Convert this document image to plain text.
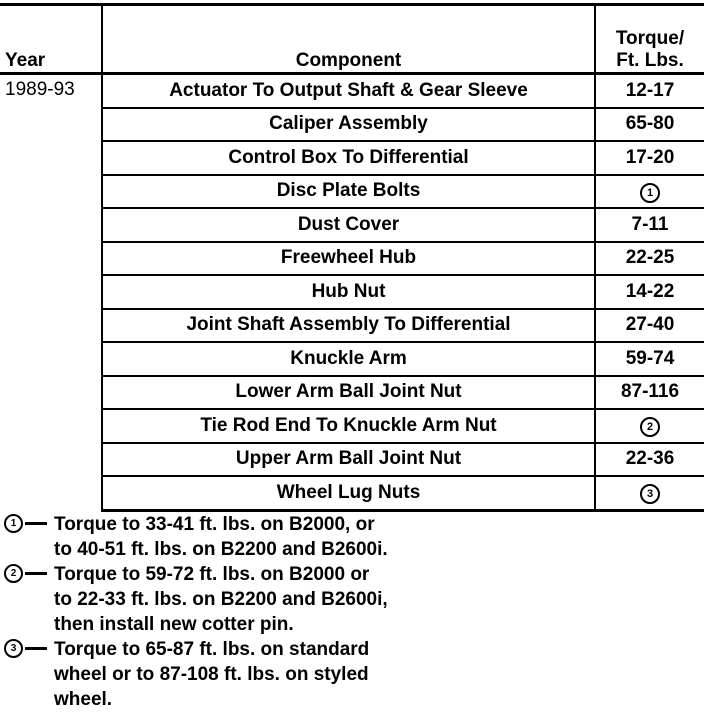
Year	Component	Torque/
Ft. Lbs.

1989-93	Actuator To Output Shaft & Gear Sleeve	12-17
	Caliper Assembly	65-80
	Control Box To Differential	17-20
	Disc Plate Bolts	1
	Dust Cover	7-11
	Freewheel Hub	22-25
	Hub Nut	14-22
	Joint Shaft Assembly To Differential	27-40
	Knuckle Arm	59-74
	Lower Arm Ball Joint Nut	87-116
	Tie Rod End To Knuckle Arm Nut	2
	Upper Arm Ball Joint Nut	22-36
	Wheel Lug Nuts	3
1	Torque to 33-41 ft. lbs. on B2000, or
to 40-51 ft. lbs. on B2200 and B2600i.
2	Torque to 59-72 ft. lbs. on B2000 or
to 22-33 ft. lbs. on B2200 and B2600i,
then install new cotter pin.
3	Torque to 65-87 ft. lbs. on standard
wheel or to 87-108 ft. lbs. on styled
wheel.
